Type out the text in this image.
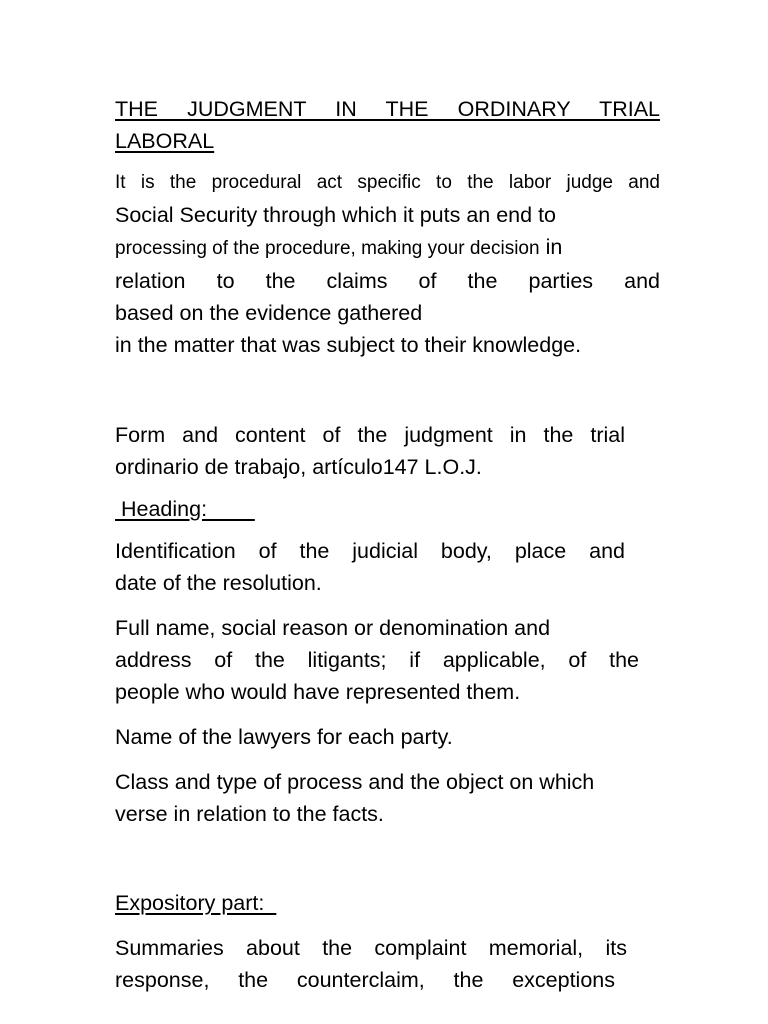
THE JUDGMENT IN THE ORDINARY TRIAL
LABORAL
It is the procedural act specific to the labor judge and
Social Security through which it puts an end to
processing of the procedure, making your decision in
relation to the claims of the parties and
based on the evidence gathered
in the matter that was subject to their knowledge.
Form and content of the judgment in the trial
ordinario de trabajo, artículo147 L.O.J.
Heading:
Identification of the judicial body, place and
date of the resolution.
Full name, social reason or denomination and
address of the litigants; if applicable, of the
people who would have represented them.
Name of the lawyers for each party.
Class and type of process and the object on which
verse in relation to the facts.
Expository part:
Summaries about the complaint memorial, its
response, the counterclaim, the exceptions
